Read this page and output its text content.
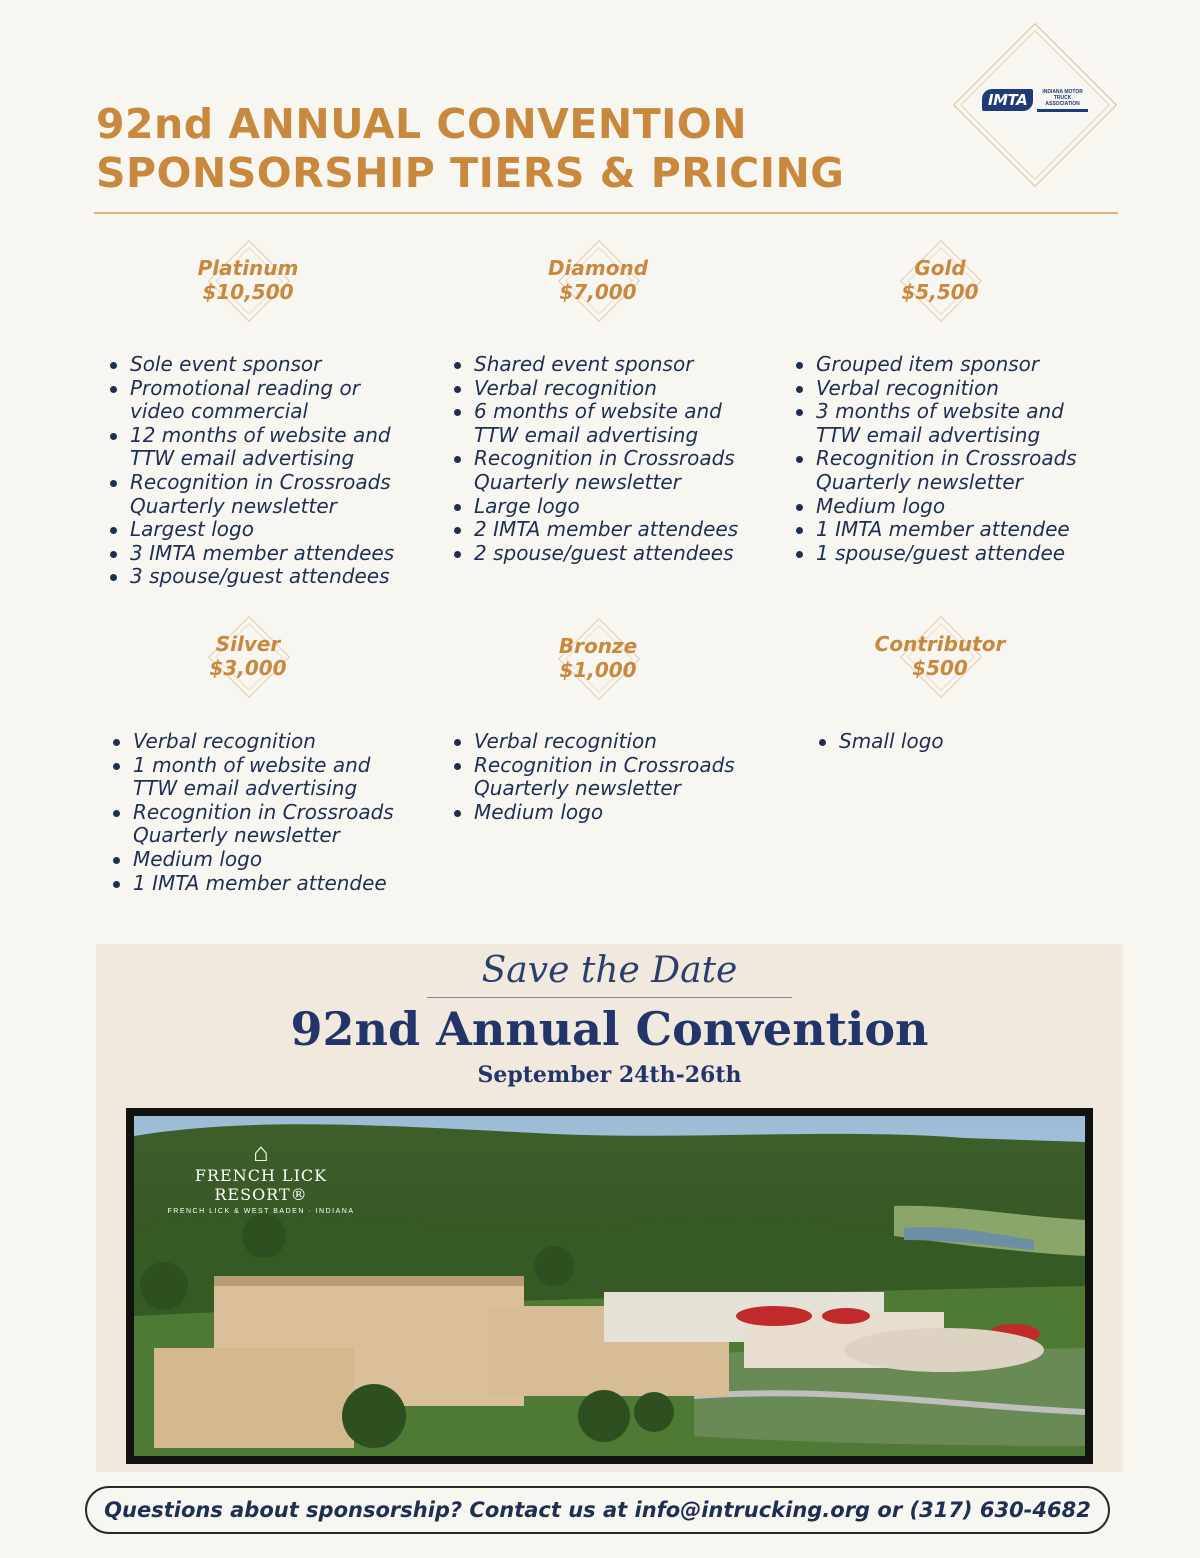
92nd ANNUAL CONVENTION
SPONSORSHIP TIERS & PRICING
IMTA	INDIANA MOTOR TRUCK ASSOCIATION
Platinum
$10,500
Sole event sponsor
Promotional reading or
video commercial
12 months of website and
TTW email advertising
Recognition in Crossroads
Quarterly newsletter
Largest logo
3 IMTA member attendees
3 spouse/guest attendees
Diamond
$7,000
Shared event sponsor
Verbal recognition
6 months of website and
TTW email advertising
Recognition in Crossroads
Quarterly newsletter
Large logo
2 IMTA member attendees
2 spouse/guest attendees
Gold
$5,500
Grouped item sponsor
Verbal recognition
3 months of website and
TTW email advertising
Recognition in Crossroads
Quarterly newsletter
Medium logo
1 IMTA member attendee
1 spouse/guest attendee
Silver
$3,000
Verbal recognition
1 month of website and
TTW email advertising
Recognition in Crossroads
Quarterly newsletter
Medium logo
1 IMTA member attendee
Bronze
$1,000
Verbal recognition
Recognition in Crossroads
Quarterly newsletter
Medium logo
Contributor
$500
Small logo
Save the Date
92nd Annual Convention
September 24th-26th
⌂
FRENCH LICK RESORT®
FRENCH LICK & WEST BADEN · INDIANA
Questions about sponsorship? Contact us at info@intrucking.org or (317) 630-4682
